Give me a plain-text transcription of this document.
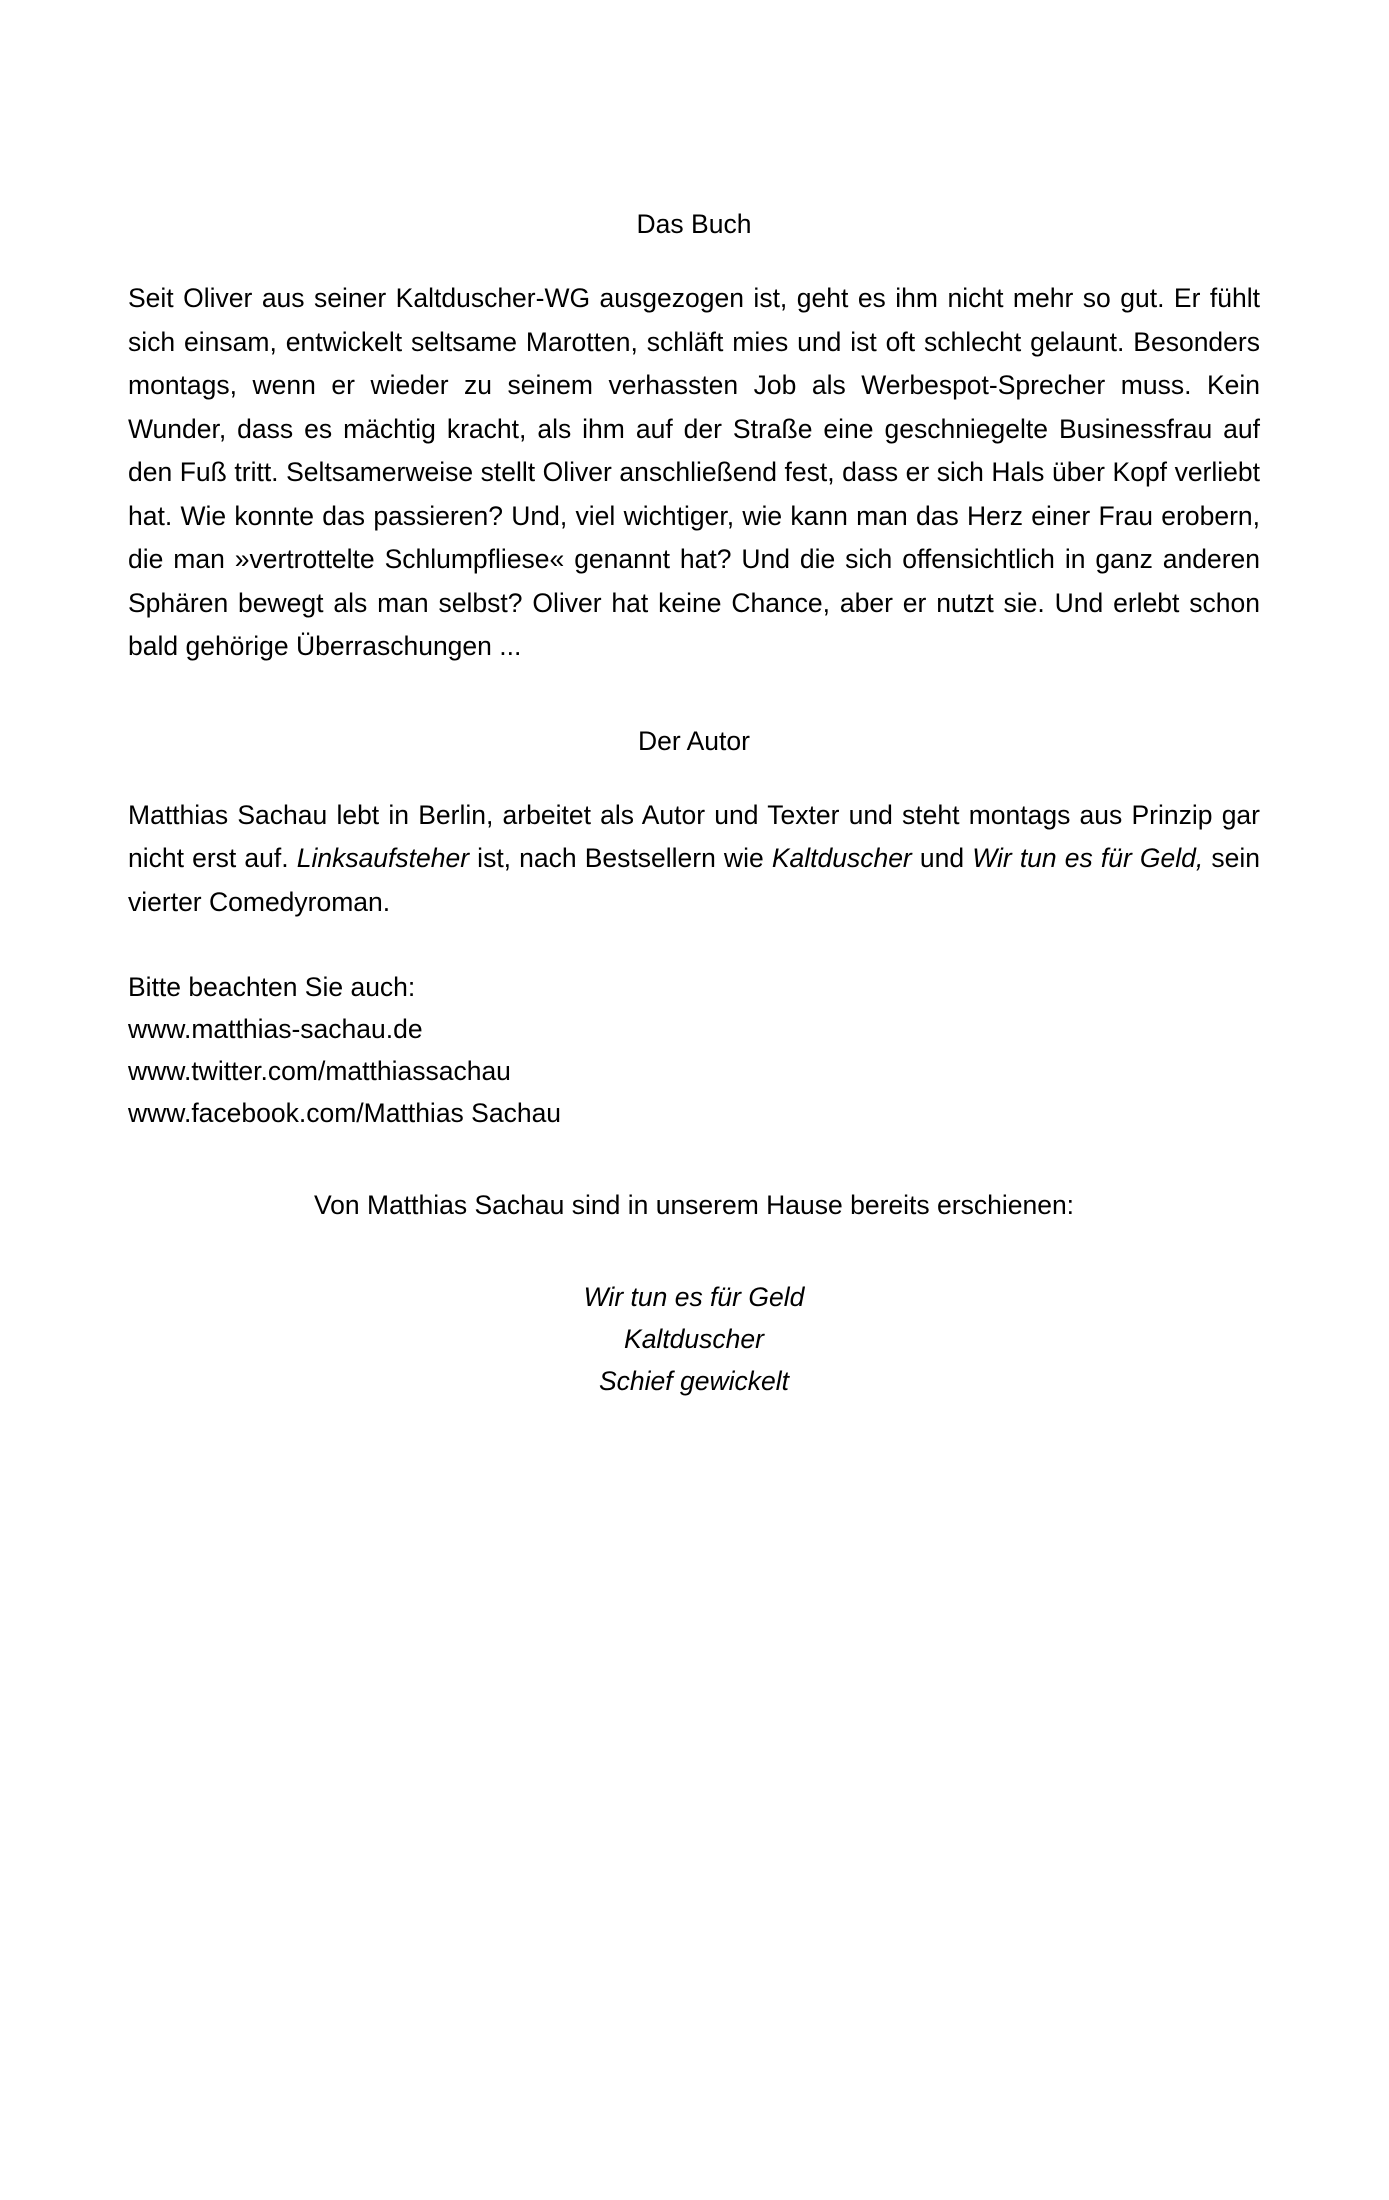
Das Buch

Seit Oliver aus seiner Kaltduscher-WG ausgezogen ist, geht es ihm nicht mehr so gut. Er fühlt sich einsam, entwickelt seltsame Marotten, schläft mies und ist oft schlecht gelaunt. Besonders montags, wenn er wieder zu seinem verhassten Job als Werbespot-Sprecher muss. Kein Wunder, dass es mächtig kracht, als ihm auf der Straße eine geschniegelte Businessfrau auf den Fuß tritt. Seltsamerweise stellt Oliver anschließend fest, dass er sich Hals über Kopf verliebt hat. Wie konnte das passieren? Und, viel wichtiger, wie kann man das Herz einer Frau erobern, die man »vertrottelte Schlumpfliese« genannt hat? Und die sich offensichtlich in ganz anderen Sphären bewegt als man selbst? Oliver hat keine Chance, aber er nutzt sie. Und erlebt schon bald gehörige Überraschungen ...

Der Autor

Matthias Sachau lebt in Berlin, arbeitet als Autor und Texter und steht montags aus Prinzip gar nicht erst auf. Linksaufsteher ist, nach Bestsellern wie Kaltduscher und Wir tun es für Geld, sein vierter Comedyroman.

Bitte beachten Sie auch:
www.matthias-sachau.de
www.twitter.com/matthiassachau
www.facebook.com/Matthias Sachau
Von Matthias Sachau sind in unserem Hause bereits erschienen:
Wir tun es für Geld
Kaltduscher
Schief gewickelt
